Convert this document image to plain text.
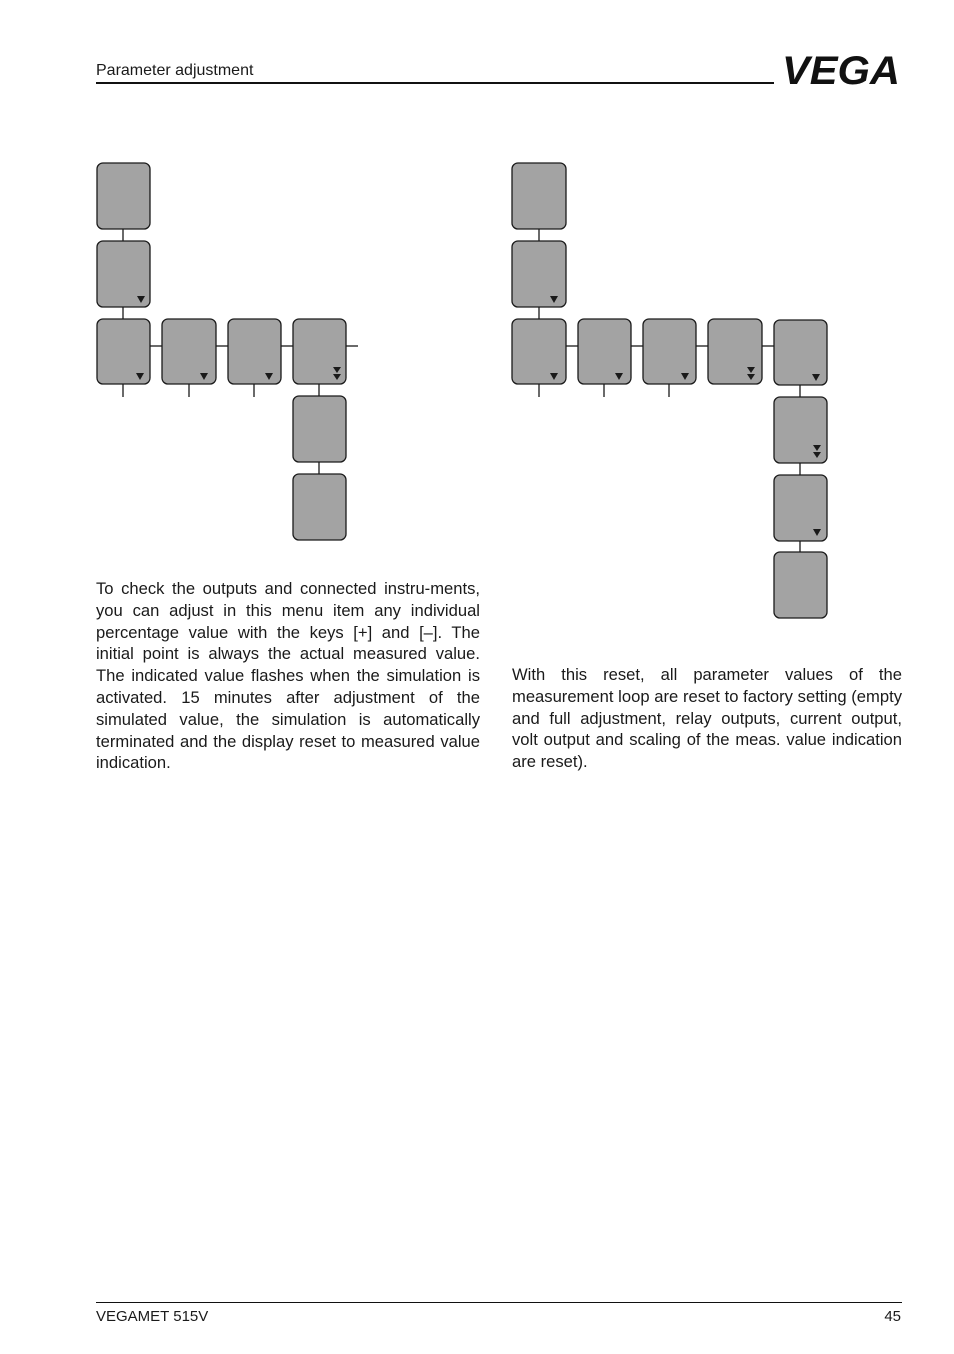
Parameter adjustment	VEGA

To check the outputs and connected instru-ments, you can adjust in this menu item any individual percentage value with the keys [+] and [–]. The initial point is always the actual measured value. The indicated value flashes when the simulation is activated. 15 minutes after adjustment of the simulated value, the simulation is automatically terminated and the display reset to measured value indication.

With this reset, all parameter values of the measurement loop are reset to factory setting (empty and full adjustment, relay outputs, current output, volt output and scaling of the meas. value indication are reset).

VEGAMET 515V	45
